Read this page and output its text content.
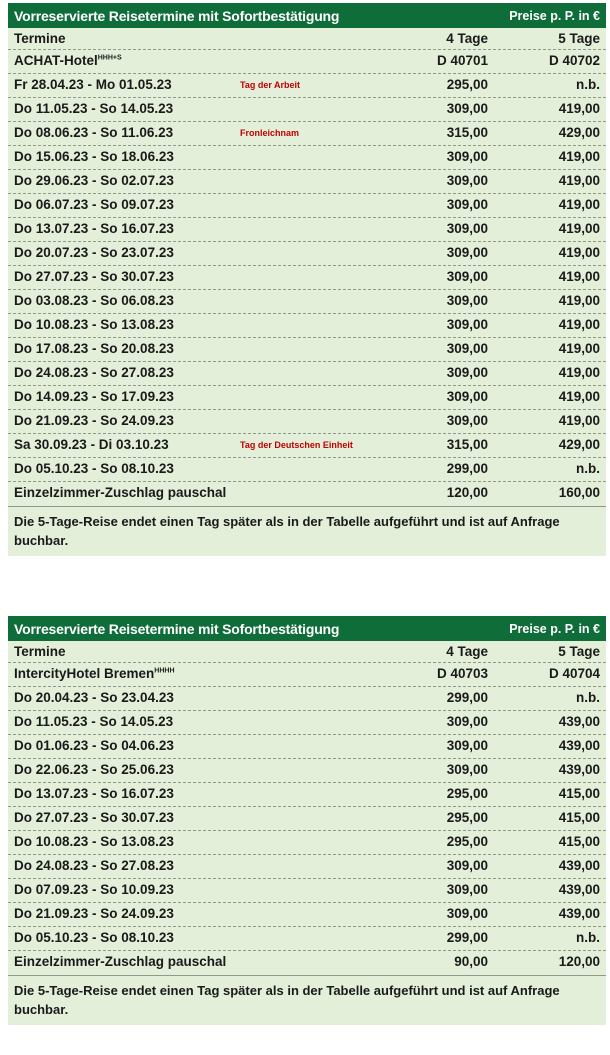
Vorreservierte Reisetermine mit Sofortbestätigung	Preise p. P. in €
Termine	4 Tage	5 Tage
ACHAT-Hotel$^{HHH+S}$	D 40701	D 40702
Fr 28.04.23 - Mo 01.05.23	Tag der Arbeit	295,00	n.b.
Do 11.05.23 - So 14.05.23	309,00	419,00
Do 08.06.23 - So 11.06.23	Fronleichnam	315,00	429,00
Do 15.06.23 - So 18.06.23	309,00	419,00
Do 29.06.23 - So 02.07.23	309,00	419,00
Do 06.07.23 - So 09.07.23	309,00	419,00
Do 13.07.23 - So 16.07.23	309,00	419,00
Do 20.07.23 - So 23.07.23	309,00	419,00
Do 27.07.23 - So 30.07.23	309,00	419,00
Do 03.08.23 - So 06.08.23	309,00	419,00
Do 10.08.23 - So 13.08.23	309,00	419,00
Do 17.08.23 - So 20.08.23	309,00	419,00
Do 24.08.23 - So 27.08.23	309,00	419,00
Do 14.09.23 - So 17.09.23	309,00	419,00
Do 21.09.23 - So 24.09.23	309,00	419,00
Sa 30.09.23 - Di 03.10.23	Tag der Deutschen Einheit	315,00	429,00
Do 05.10.23 - So 08.10.23	299,00	n.b.
Einzelzimmer-Zuschlag pauschal	120,00	160,00
Die 5-Tage-Reise endet einen Tag später als in der Tabelle aufgeführt und ist auf Anfrage buchbar.
Vorreservierte Reisetermine mit Sofortbestätigung	Preise p. P. in €
Termine	4 Tage	5 Tage
IntercityHotel Bremen$^{HHHH}$	D 40703	D 40704
Do 20.04.23 - So 23.04.23	299,00	n.b.
Do 11.05.23 - So 14.05.23	309,00	439,00
Do 01.06.23 - So 04.06.23	309,00	439,00
Do 22.06.23 - So 25.06.23	309,00	439,00
Do 13.07.23 - So 16.07.23	295,00	415,00
Do 27.07.23 - So 30.07.23	295,00	415,00
Do 10.08.23 - So 13.08.23	295,00	415,00
Do 24.08.23 - So 27.08.23	309,00	439,00
Do 07.09.23 - So 10.09.23	309,00	439,00
Do 21.09.23 - So 24.09.23	309,00	439,00
Do 05.10.23 - So 08.10.23	299,00	n.b.
Einzelzimmer-Zuschlag pauschal	90,00	120,00
Die 5-Tage-Reise endet einen Tag später als in der Tabelle aufgeführt und ist auf Anfrage buchbar.
